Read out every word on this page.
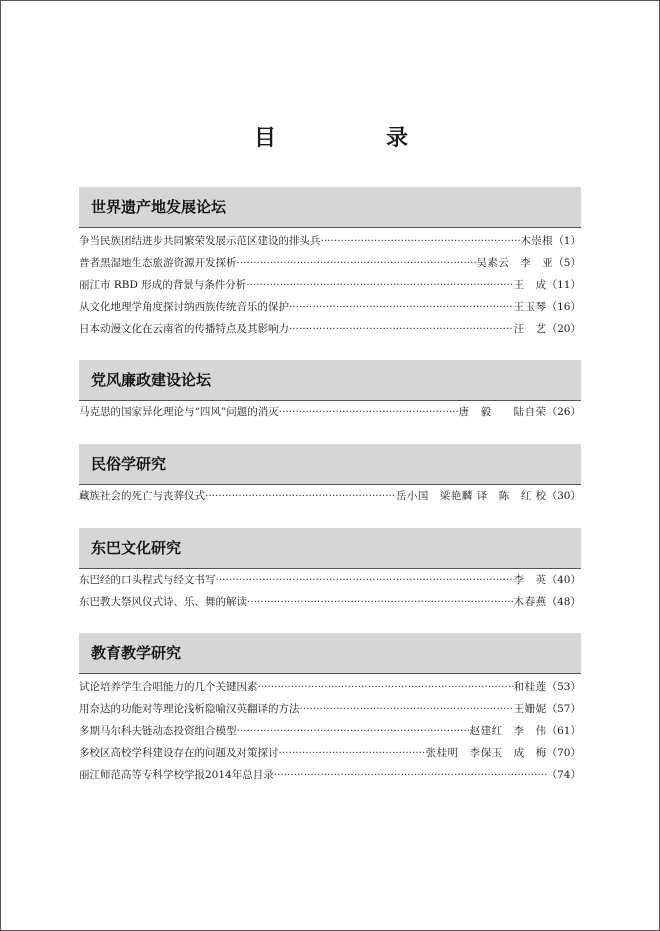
目　录
世界遗产地发展论坛
争当民族团结进步共同繁荣发展示范区建设的排头兵 ·····	木崇根 （1）
普者黑湿地生态旅游资源开发探析 ·····	吴素云　李　亚 （5）
丽江市 RBD 形成的背景与条件分析 ·····	王　成 （11）
从文化地理学角度探讨纳西族传统音乐的保护 ·····	王玉琴 （16）
日本动漫文化在云南省的传播特点及其影响力 ·····	汪　艺 （20）
党风廉政建设论坛
马克思的国家异化理论与“四风”问题的消灭 ·····	唐　毅　　陆自荣 （26）
民俗学研究
藏族社会的死亡与丧葬仪式 ·····	岳小国　梁艳麟 译　陈　红 校 （30）
东巴文化研究
东巴经的口头程式与经文书写 ·····	李　英 （40）
东巴教大祭风仪式诗、乐、舞的解读 ·····	木春燕 （48）
教育教学研究
试论培养学生合唱能力的几个关键因素 ·····	和桂莲 （53）
用奈达的功能对等理论浅析隐喻汉英翻译的方法 ·····	王姗妮 （57）
多期马尔科夫链动态投资组合模型 ·····	赵建红　李　伟 （61）
多校区高校学科建设存在的问题及对策探讨 ·····	张桂明　李保玉　成　梅 （70）
丽江师范高等专科学校学报2014年总目录 ·····	（74）
